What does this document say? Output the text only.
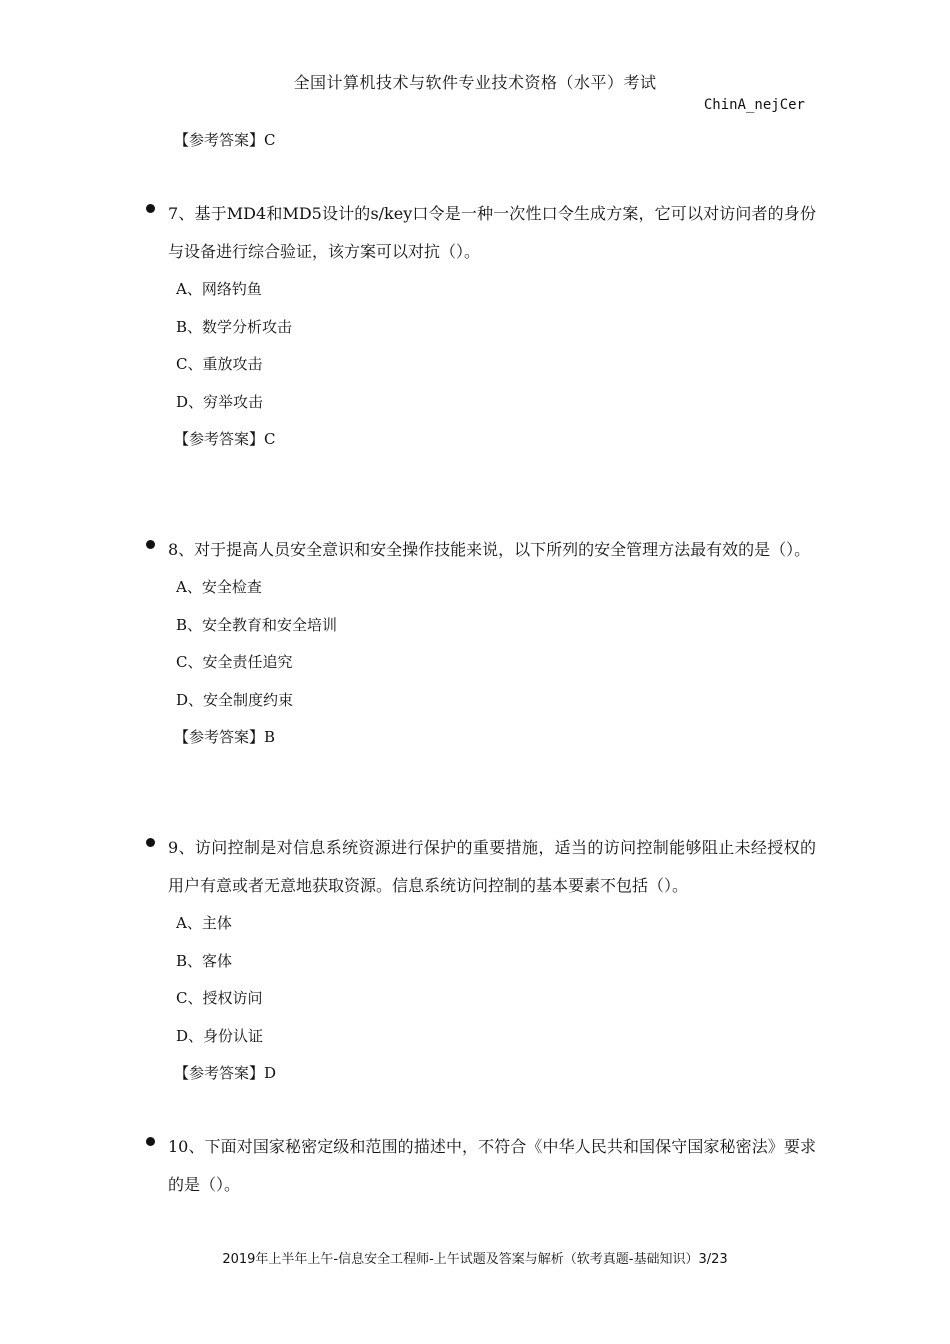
全国计算机技术与软件专业技术资格（水平）考试
ChinA_nejCer
【参考答案】C
7、基于MD4和MD5设计的s/key口令是一种一次性口令生成方案，它可以对访问者的身份与设备进行综合验证，该方案可以对抗（）。
A、网络钓鱼
B、数学分析攻击
C、重放攻击
D、穷举攻击
【参考答案】C
8、对于提高人员安全意识和安全操作技能来说，以下所列的安全管理方法最有效的是（）。
A、安全检查
B、安全教育和安全培训
C、安全责任追究
D、安全制度约束
【参考答案】B
9、访问控制是对信息系统资源进行保护的重要措施，适当的访问控制能够阻止未经授权的用户有意或者无意地获取资源。信息系统访问控制的基本要素不包括（）。
A、主体
B、客体
C、授权访问
D、身份认证
【参考答案】D
10、下面对国家秘密定级和范围的描述中，不符合《中华人民共和国保守国家秘密法》要求的是（）。
2019年上半年上午-信息安全工程师-上午试题及答案与解析（软考真题-基础知识）3/23
